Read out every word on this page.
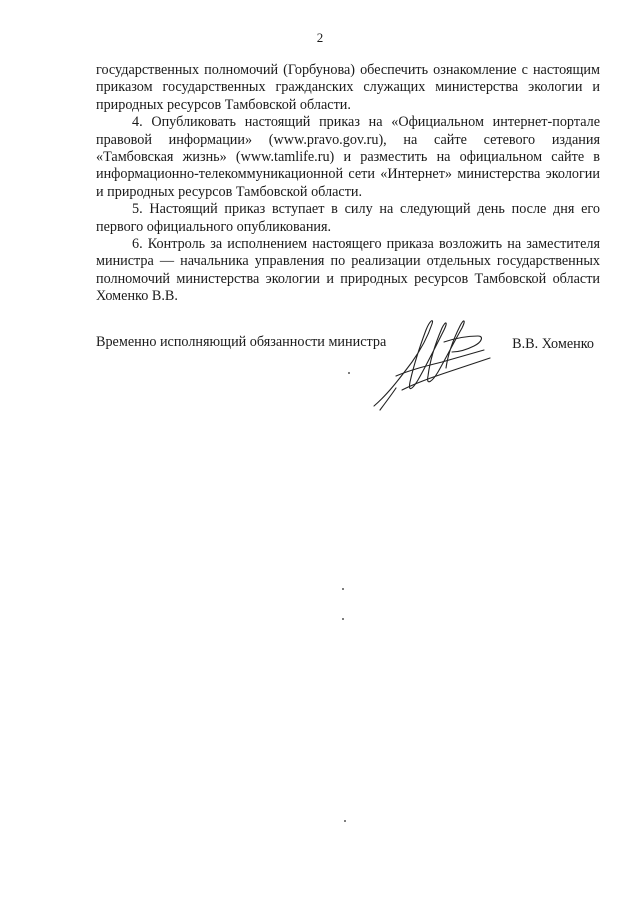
2

государственных полномочий (Горбунова) обеспечить ознакомление с настоящим приказом государственных гражданских служащих министерства экологии и природных ресурсов Тамбовской области.

4. Опубликовать настоящий приказ на «Официальном интернет-портале правовой информации» (www.pravo.gov.ru), на сайте сетевого издания «Тамбовская жизнь» (www.tamlife.ru) и разместить на официальном сайте в информационно-телекоммуникационной сети «Интернет» министерства экологии и природных ресурсов Тамбовской области.

5. Настоящий приказ вступает в силу на следующий день после дня его первого официального опубликования.

6. Контроль за исполнением настоящего приказа возложить на заместителя министра — начальника управления по реализации отдельных государственных полномочий министерства экологии и природных ресурсов Тамбовской области Хоменко В.В.

Временно исполняющий обязанности министра	В.В. Хоменко
